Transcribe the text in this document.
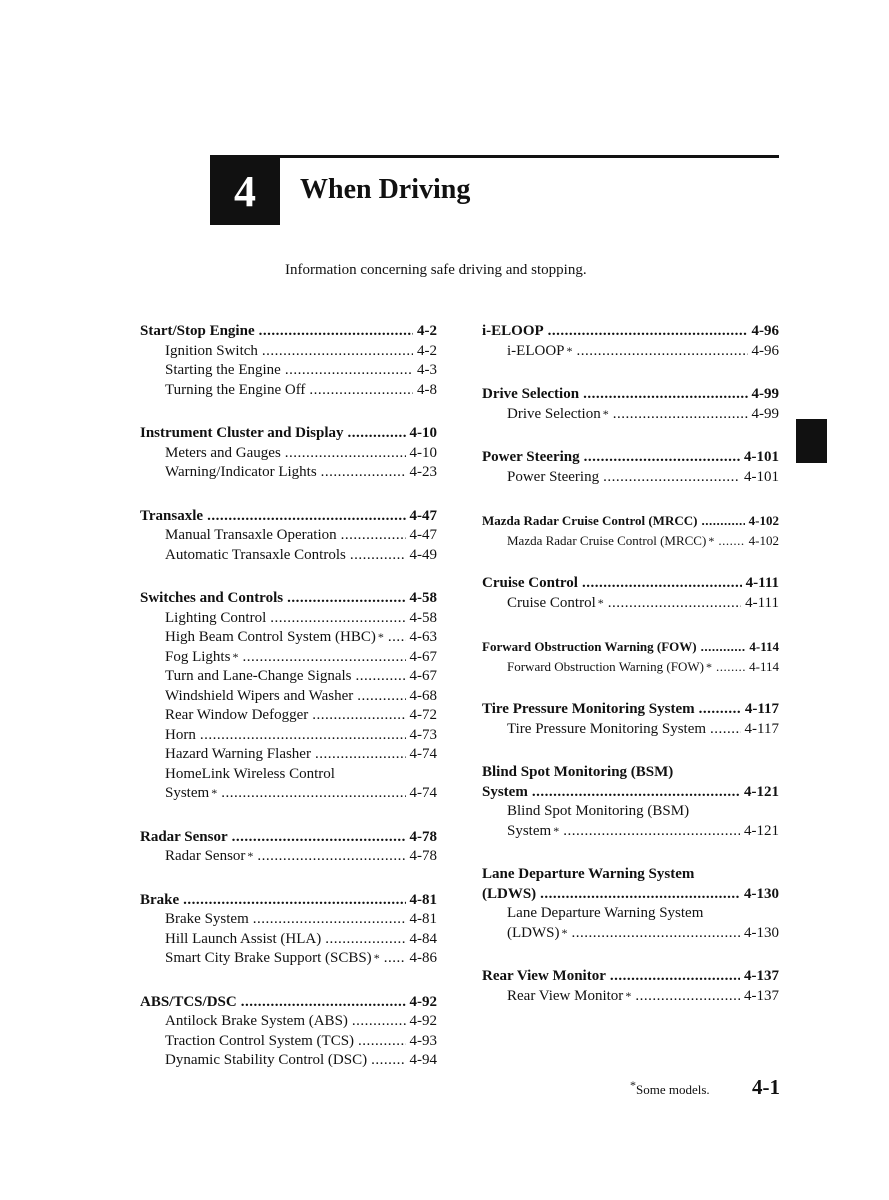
4 When Driving
Information concerning safe driving and stopping.
Start/Stop Engine .....	4-2
Ignition Switch .....	4-2
Starting the Engine .....	4-3
Turning the Engine Off .....	4-8
Instrument Cluster and Display .....	4-10
Meters and Gauges .....	4-10
Warning/Indicator Lights .....	4-23
Transaxle .....	4-47
Manual Transaxle Operation .....	4-47
Automatic Transaxle Controls .....	4-49
Switches and Controls .....	4-58
Lighting Control .....	4-58
High Beam Control System (HBC) * ..... 4-63
Fog Lights * .....	4-67
Turn and Lane-Change Signals .....	4-67
Windshield Wipers and Washer .....	4-68
Rear Window Defogger .....	4-72
Horn .....	4-73
Hazard Warning Flasher .....	4-74
HomeLink Wireless Control
System * .....	4-74
Radar Sensor .....	4-78
Radar Sensor * .....	4-78
Brake .....	4-81
Brake System .....	4-81
Hill Launch Assist (HLA) .....	4-84
Smart City Brake Support (SCBS) * ..... 4-86
ABS/TCS/DSC .....	4-92
Antilock Brake System (ABS) .....	4-92
Traction Control System (TCS) .....	4-93
Dynamic Stability Control (DSC) .....	4-94
i-ELOOP .....	4-96
i-ELOOP * .....	4-96
Drive Selection .....	4-99
Drive Selection * .....	4-99
Power Steering .....	4-101
Power Steering .....	4-101
Mazda Radar Cruise Control (MRCC) .....	4-102
Mazda Radar Cruise Control (MRCC) * .....	4-102
Cruise Control .....	4-111
Cruise Control * .....	4-111
Forward Obstruction Warning (FOW) .....	4-114
Forward Obstruction Warning (FOW) * .....	4-114
Tire Pressure Monitoring System .....	4-117
Tire Pressure Monitoring System .....	4-117
Blind Spot Monitoring (BSM)
System .....	4-121
Blind Spot Monitoring (BSM)
System * .....	4-121
Lane Departure Warning System
(LDWS) .....	4-130
Lane Departure Warning System
(LDWS) * .....	4-130
Rear View Monitor .....	4-137
Rear View Monitor * .....	4-137
*Some models. 4-1
